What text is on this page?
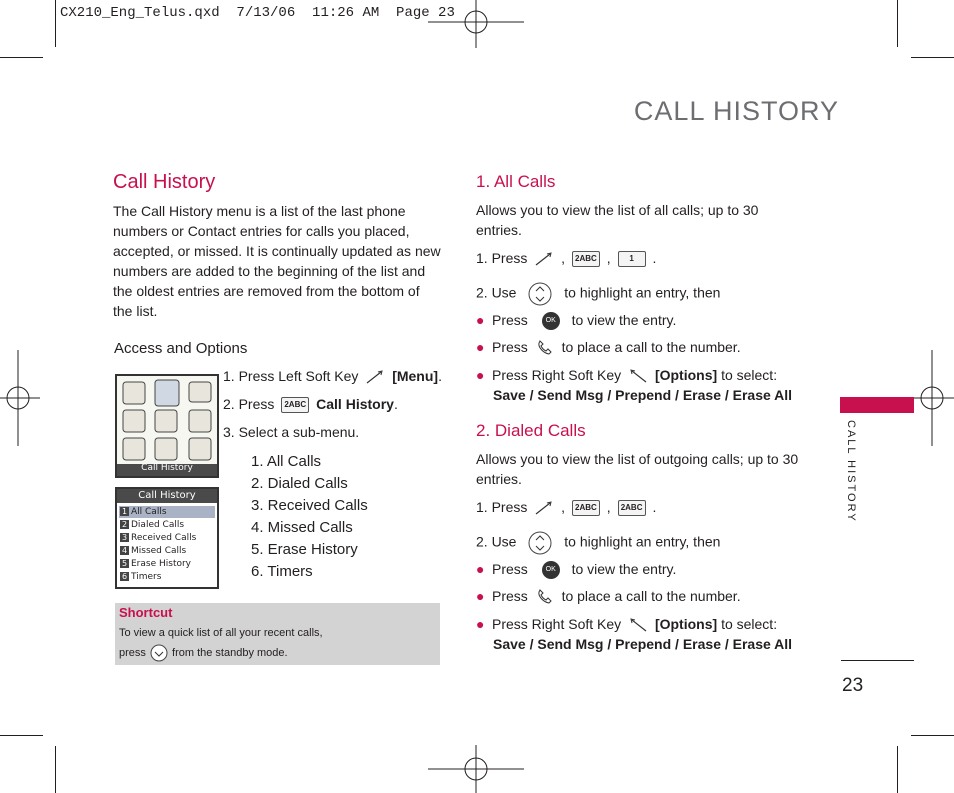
CX210_Eng_Telus.qxd  7/13/06  11:26 AM  Page 23
CALL HISTORY
Call History
The Call History menu is a list of the last phone numbers or Contact entries for calls you placed, accepted, or missed. It is continually updated as new numbers are added to the beginning of the list and the oldest entries are removed from the bottom of the list.
Access and Options
Call History
Call History
1 All Calls
2 Dialed Calls
3 Received Calls
4 Missed Calls
5 Erase History
6 Timers
1. Press Left Soft Key [Menu].
2. Press 2ABC Call History.
3. Select a sub-menu.
1. All Calls
2. Dialed Calls
3. Received Calls
4. Missed Calls
5. Erase History
6. Timers
Shortcut
To view a quick list of all your recent calls,
press from the standby mode.
1. All Calls
Allows you to view the list of all calls; up to 30
entries.
1. Press  , 2ABC , 1 .
2. Use	to highlight an entry, then
● Press	OK to view the entry.
● Press to place a call to the number.
● Press Right Soft Key [Options] to select:
Save / Send Msg / Prepend / Erase / Erase All
2. Dialed Calls
Allows you to view the list of outgoing calls; up to 30
entries.
1. Press  , 2ABC , 2ABC .
2. Use	to highlight an entry, then
● Press	OK to view the entry.
● Press to place a call to the number.
● Press Right Soft Key [Options] to select:
Save / Send Msg / Prepend / Erase / Erase All
CALL HISTORY
23
